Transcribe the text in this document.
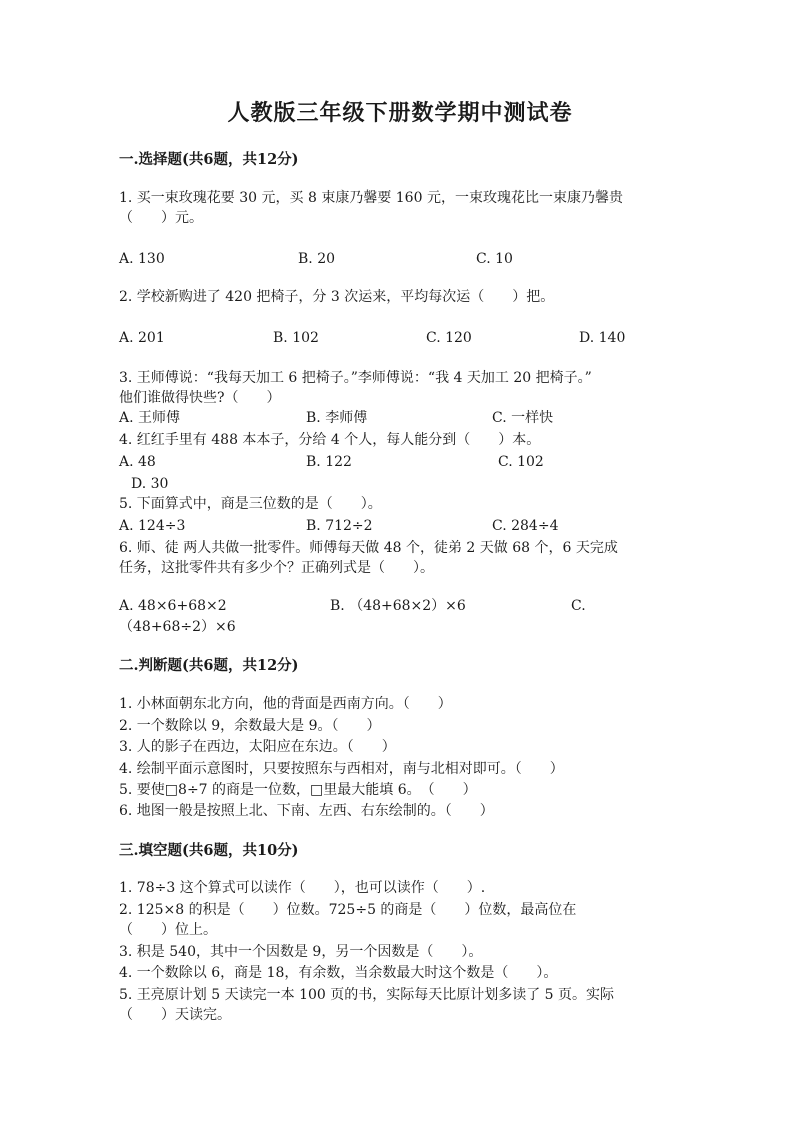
人教版三年级下册数学期中测试卷
一.选择题(共6题，共12分)
1. 买一束玫瑰花要 30 元，买 8 束康乃馨要 160 元，一束玫瑰花比一束康乃馨贵
（　　）元。
A. 130	B. 20	C. 10
2. 学校新购进了 420 把椅子，分 3 次运来，平均每次运（　　）把。
A. 201	B. 102	C. 120	D. 140
3. 王师傅说：“我每天加工 6 把椅子。”李师傅说：“我 4 天加工 20 把椅子。”
他们谁做得快些?（　　）
A. 王师傅	B. 李师傅	C. 一样快
4. 红红手里有 488 本本子，分给 4 个人，每人能分到（　　）本。
A. 48	B. 122	C. 102
D. 30
5. 下面算式中，商是三位数的是（　　）。
A. 124÷3	B. 712÷2	C. 284÷4
6. 师、徒 两人共做一批零件。师傅每天做 48 个，徒弟 2 天做 68 个，6 天完成
任务，这批零件共有多少个？正确列式是（　　）。
A. 48×6+68×2	B. （48+68×2）×6	C.
（48+68÷2）×6
二.判断题(共6题，共12分)
1. 小林面朝东北方向，他的背面是西南方向。（　　）
2. 一个数除以 9，余数最大是 9。（　　）
3. 人的影子在西边，太阳应在东边。（　　）
4. 绘制平面示意图时，只要按照东与西相对，南与北相对即可。（　　）
5. 要使□8÷7 的商是一位数，□里最大能填 6。　（　　）
6. 地图一般是按照上北、下南、左西、右东绘制的。（　　）
三.填空题(共6题，共10分)
1. 78÷3 这个算式可以读作（　　），也可以读作（　　）.
2. 125×8 的积是（　　）位数。725÷5 的商是（　　）位数，最高位在
（　　）位上。
3. 积是 540，其中一个因数是 9，另一个因数是（　　）。
4. 一个数除以 6，商是 18，有余数，当余数最大时这个数是（　　）。
5. 王亮原计划 5 天读完一本 100 页的书，实际每天比原计划多读了 5 页。实际
（　　）天读完。
